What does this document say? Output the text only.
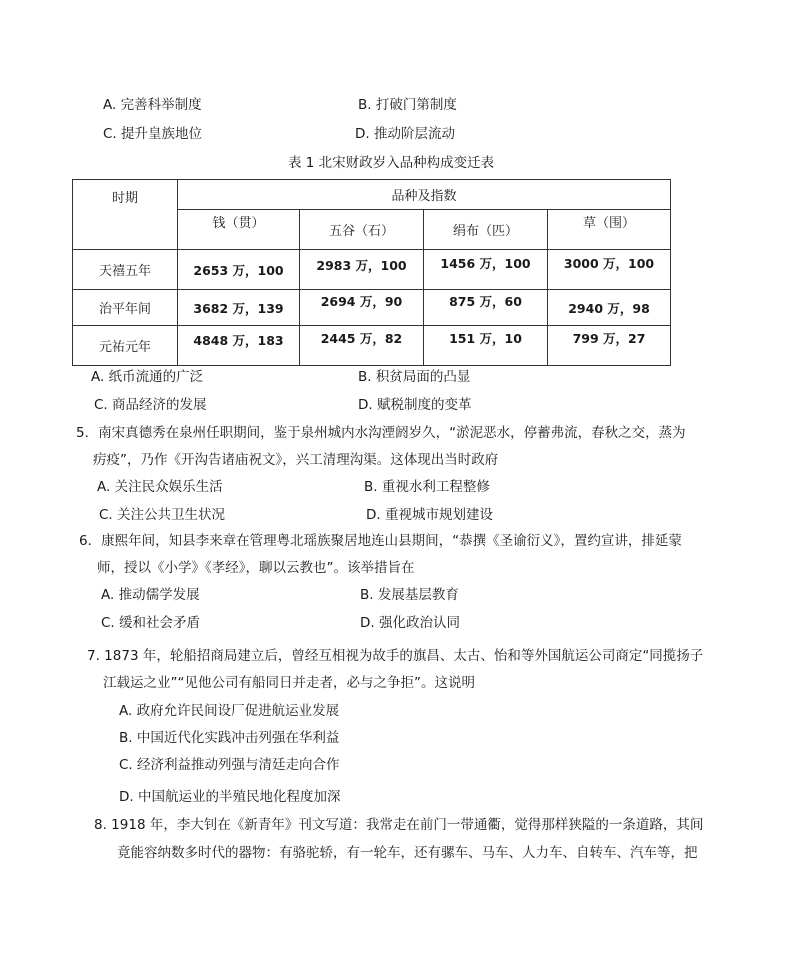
A. 完善科举制度	B. 打破门第制度
C. 提升皇族地位	D. 推动阶层流动
表 1 北宋财政岁入品种构成变迁表
时期	品种及指数			
	钱（贯）	五谷（石）	绢布（匹）	草（围）
天禧五年	2653 万，100	2983 万，100	1456 万，100	3000 万，100
治平年间	3682 万，139	2694 万，90	875 万，60	2940 万，98
元祐元年	4848 万，183	2445 万，82	151 万，10	799 万，27
A. 纸币流通的广泛	B. 积贫局面的凸显
C. 商品经济的发展	D. 赋税制度的变革
5．南宋真德秀在泉州任职期间，鉴于泉州城内水沟湮阏岁久，“淤泥恶水，停蓄弗流，春秋之交，蒸为
疠疫”，乃作《开沟告诸庙祝文》，兴工清理沟渠。这体现出当时政府
A. 关注民众娱乐生活	B. 重视水利工程整修
C. 关注公共卫生状况	D. 重视城市规划建设
6．康熙年间，知县李来章在管理粤北瑶族聚居地连山县期间，“恭撰《圣谕衍义》，置约宣讲，排延蒙
师，授以《小学》《孝经》，聊以云教也”。该举措旨在
A. 推动儒学发展	B. 发展基层教育
C. 缓和社会矛盾	D. 强化政治认同
7. 1873 年，轮船招商局建立后，曾经互相视为故手的旗昌、太古、怡和等外国航运公司商定“同揽扬子
江载运之业”“见他公司有船同日并走者，必与之争拒”。这说明
A. 政府允许民间设厂促进航运业发展
B. 中国近代化实践冲击列强在华利益
C. 经济利益推动列强与清廷走向合作
D. 中国航运业的半殖民地化程度加深
8. 1918 年，李大钊在《新青年》刊文写道：我常走在前门一带通衢，觉得那样狭隘的一条道路，其间
竟能容纳数多时代的器物：有骆驼轿，有一轮车，还有骡车、马车、人力车、自转车、汽车等，把
